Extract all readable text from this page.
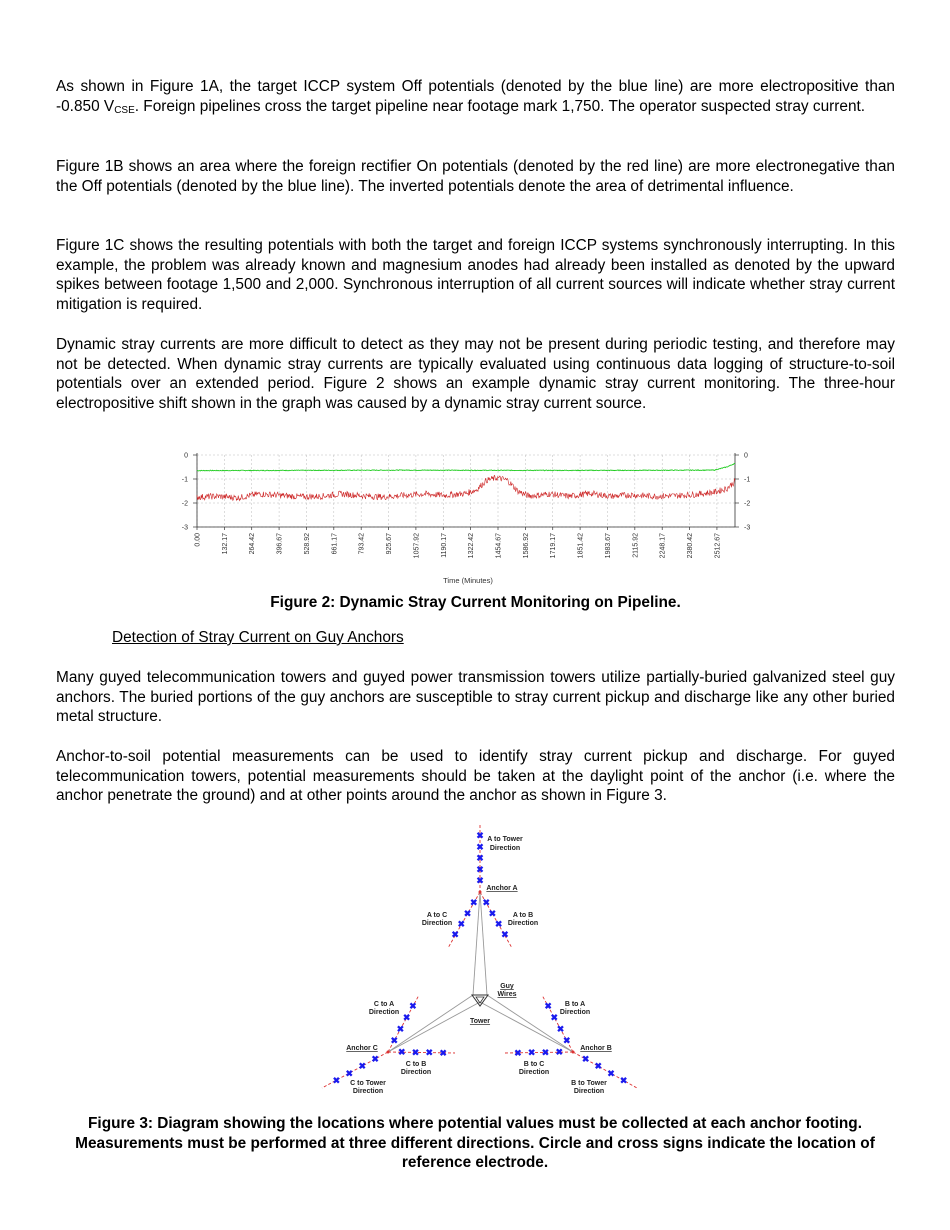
As shown in Figure 1A, the target ICCP system Off potentials (denoted by the blue line) are more electropositive than -0.850 $V_{CSE}$. Foreign pipelines cross the target pipeline near footage mark 1,750. The operator suspected stray current.

Figure 1B shows an area where the foreign rectifier On potentials (denoted by the red line) are more electronegative than the Off potentials (denoted by the blue line). The inverted potentials denote the area of detrimental influence.

Figure 1C shows the resulting potentials with both the target and foreign ICCP systems synchronously interrupting. In this example, the problem was already known and magnesium anodes had already been installed as denoted by the upward spikes between footage 1,500 and 2,000. Synchronous interruption of all current sources will indicate whether stray current mitigation is required.

Dynamic stray currents are more difficult to detect as they may not be present during periodic testing, and therefore may not be detected. When dynamic stray currents are typically evaluated using continuous data logging of structure-to-soil potentials over an extended period. Figure 2 shows an example dynamic stray current monitoring. The three-hour electropositive shift shown in the graph was caused by a dynamic stray current source.

0	0
-1	-1
-2	-2
-3	-3
0.00	132.17	264.42	396.67	528.92	661.17	793.42	925.67	1057.92	1190.17	1322.42	1454.67	1586.92	1719.17	1851.42	1983.67	2115.92	2248.17	2380.42	2512.67
Time (Minutes)

Figure 2: Dynamic Stray Current Monitoring on Pipeline.

Detection of Stray Current on Guy Anchors

Many guyed telecommunication towers and guyed power transmission towers utilize partially-buried galvanized steel guy anchors. The buried portions of the guy anchors are susceptible to stray current pickup and discharge like any other buried metal structure.

Anchor-to-soil potential measurements can be used to identify stray current pickup and discharge. For guyed telecommunication towers, potential measurements should be taken at the daylight point of the anchor (i.e. where the anchor penetrate the ground) and at other points around the anchor as shown in Figure 3.

✖
✖
✖
✖
✖
✖
✖
✖
✖
✖
✖
✖
✖
✖
✖
✖
✖
✖ ✖ ✖ ✖
✖
✖
✖
✖
✖
✖
✖
✖
✖
✖
✖
✖
✖
✖
✖
✖
A to Tower
Direction
Anchor A
A to C
Direction
A to B
Direction
Guy
Wires
Tower
C to A
Direction
B to A
Direction
Anchor C	Anchor B
C to B
Direction
B to C
Direction
C to Tower
Direction
B to Tower
Direction

Figure 3: Diagram showing the locations where potential values must be collected at each anchor footing. Measurements must be performed at three different directions. Circle and cross signs indicate the location of reference electrode.
